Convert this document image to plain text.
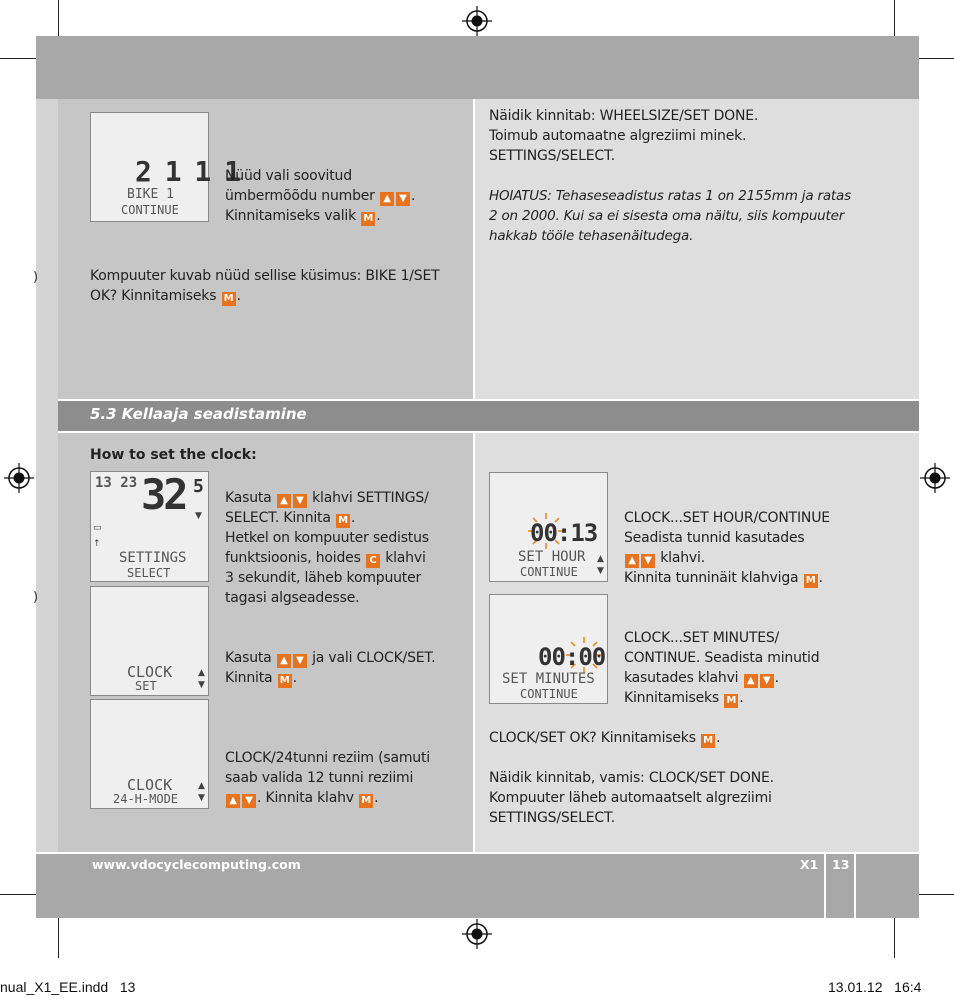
)
)
2 1 1 1
BIKE 1
CONTINUE
Nüüd vali soovitud
ümbermõõdu number ▲ ▼ .
Kinnitamiseks valik M .
Kompuuter kuvab nüüd sellise küsimus: BIKE 1/SET
OK? Kinnitamiseks M .
Näidik kinnitab: WHEELSIZE/SET DONE.
Toimub automaatne algreziimi minek.
SETTINGS/SELECT.
HOIATUS: Tehaseseadistus ratas 1 on 2155mm ja ratas
2 on 2000. Kui sa ei sisesta oma näitu, siis kompuuter
hakkab tööle tehasenäitudega.
5.3 Kellaaja seadistamine
How to set the clock:
13 23 32 5
▼
▭
↑
SETTINGS
SELECT
Kasuta ▲ ▼ klahvi SETTINGS/
SELECT. Kinnita M .
Hetkel on kompuuter sedistus
funktsioonis, hoides C klahvi
3 sekundit, läheb kompuuter
tagasi algseadesse.
CLOCK
SET
▲
▼
Kasuta ▲ ▼ ja vali CLOCK/SET.
Kinnita M .
CLOCK
24-H-MODE
▲
▼
CLOCK/24tunni reziim (samuti
saab valida 12 tunni reziimi
▲ ▼ . Kinnita klahv M .
00:13
SET HOUR
CONTINUE
▲
▼
CLOCK...SET HOUR/CONTINUE
Seadista tunnid kasutades
▲ ▼ klahvi.
Kinnita tunninäit klahviga M .
00:00
SET MINUTES
CONTINUE
CLOCK...SET MINUTES/
CONTINUE. Seadista minutid
kasutades klahvi ▲ ▼ .
Kinnitamiseks M .
CLOCK/SET OK? Kinnitamiseks M .
Näidik kinnitab, vamis: CLOCK/SET DONE.
Kompuuter läheb automaatselt algreziimi
SETTINGS/SELECT.
www.vdocyclecomputing.com	X1 13
nual_X1_EE.indd   13	13.01.12   16:4
